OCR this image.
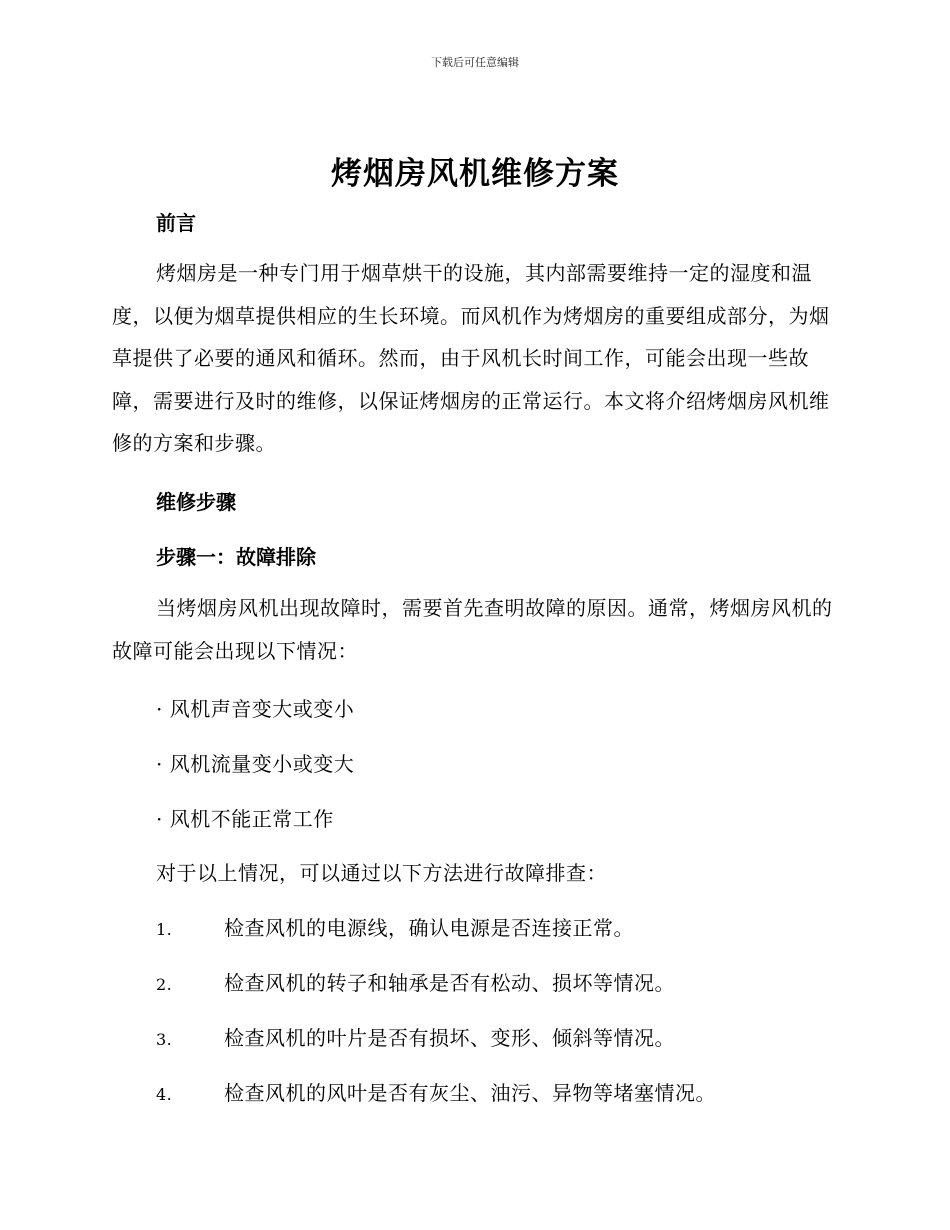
下载后可任意编辑
烤烟房风机维修方案
前言
烤烟房是一种专门用于烟草烘干的设施，其内部需要维持一定的湿度和温度，以便为烟草提供相应的生长环境。而风机作为烤烟房的重要组成部分，为烟草提供了必要的通风和循环。然而，由于风机长时间工作，可能会出现一些故障，需要进行及时的维修，以保证烤烟房的正常运行。本文将介绍烤烟房风机维修的方案和步骤。
维修步骤
步骤一：故障排除
当烤烟房风机出现故障时，需要首先查明故障的原因。通常，烤烟房风机的故障可能会出现以下情况：
· 风机声音变大或变小
· 风机流量变小或变大
· 风机不能正常工作
对于以上情况，可以通过以下方法进行故障排查：
1.	检查风机的电源线，确认电源是否连接正常。
2.	检查风机的转子和轴承是否有松动、损坏等情况。
3.	检查风机的叶片是否有损坏、变形、倾斜等情况。
4.	检查风机的风叶是否有灰尘、油污、异物等堵塞情况。
